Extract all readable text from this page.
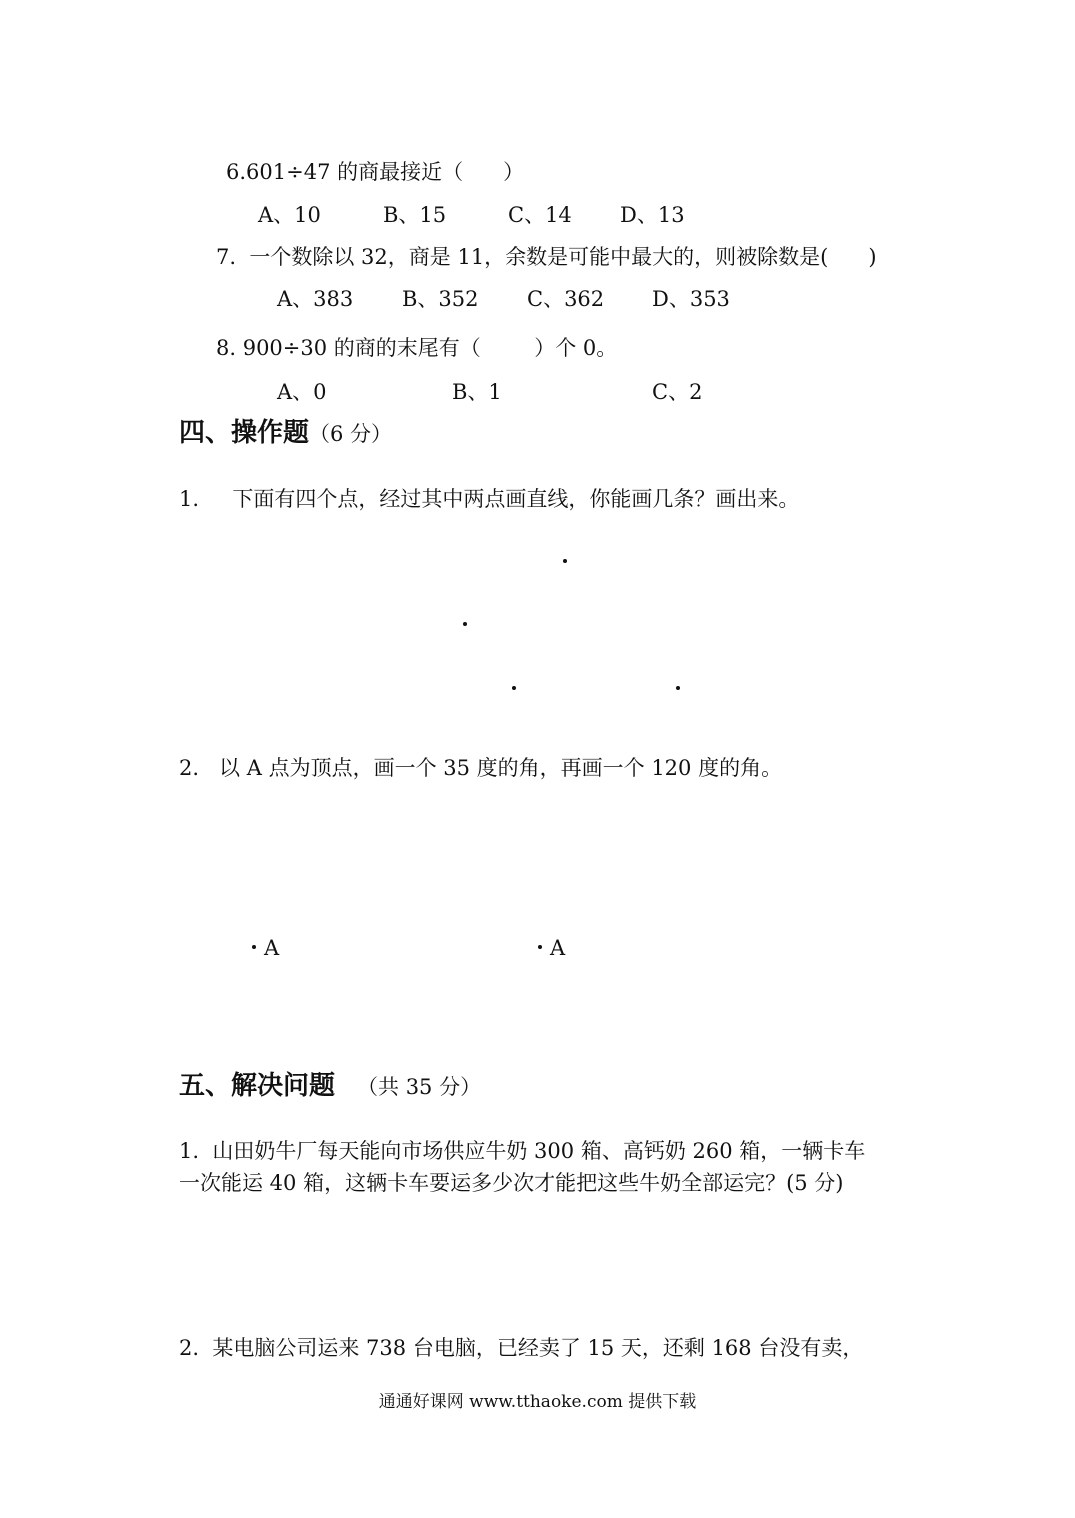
6.601÷47 的商最接近（      ）
A、10	B、15	C、14 D、13
7.  一个数除以 32，商是 11，余数是可能中最大的，则被除数是(      )
A、383 B、352 C、362 D、353
8. 900÷30 的商的末尾有（        ）个 0。
A、0	B、1	C、2
四、操作题（6 分）
1.     下面有四个点，经过其中两点画直线，你能画几条？画出来。
2.   以 A 点为顶点，画一个 35 度的角，再画一个 120 度的角。
A	A
五、解决问题 （共 35 分）
1.  山田奶牛厂每天能向市场供应牛奶 300 箱、高钙奶 260 箱，一辆卡车
一次能运 40 箱，这辆卡车要运多少次才能把这些牛奶全部运完？(5 分)
2.  某电脑公司运来 738 台电脑，已经卖了 15 天，还剩 168 台没有卖，
通通好课网 www.tthaoke.com 提供下载
